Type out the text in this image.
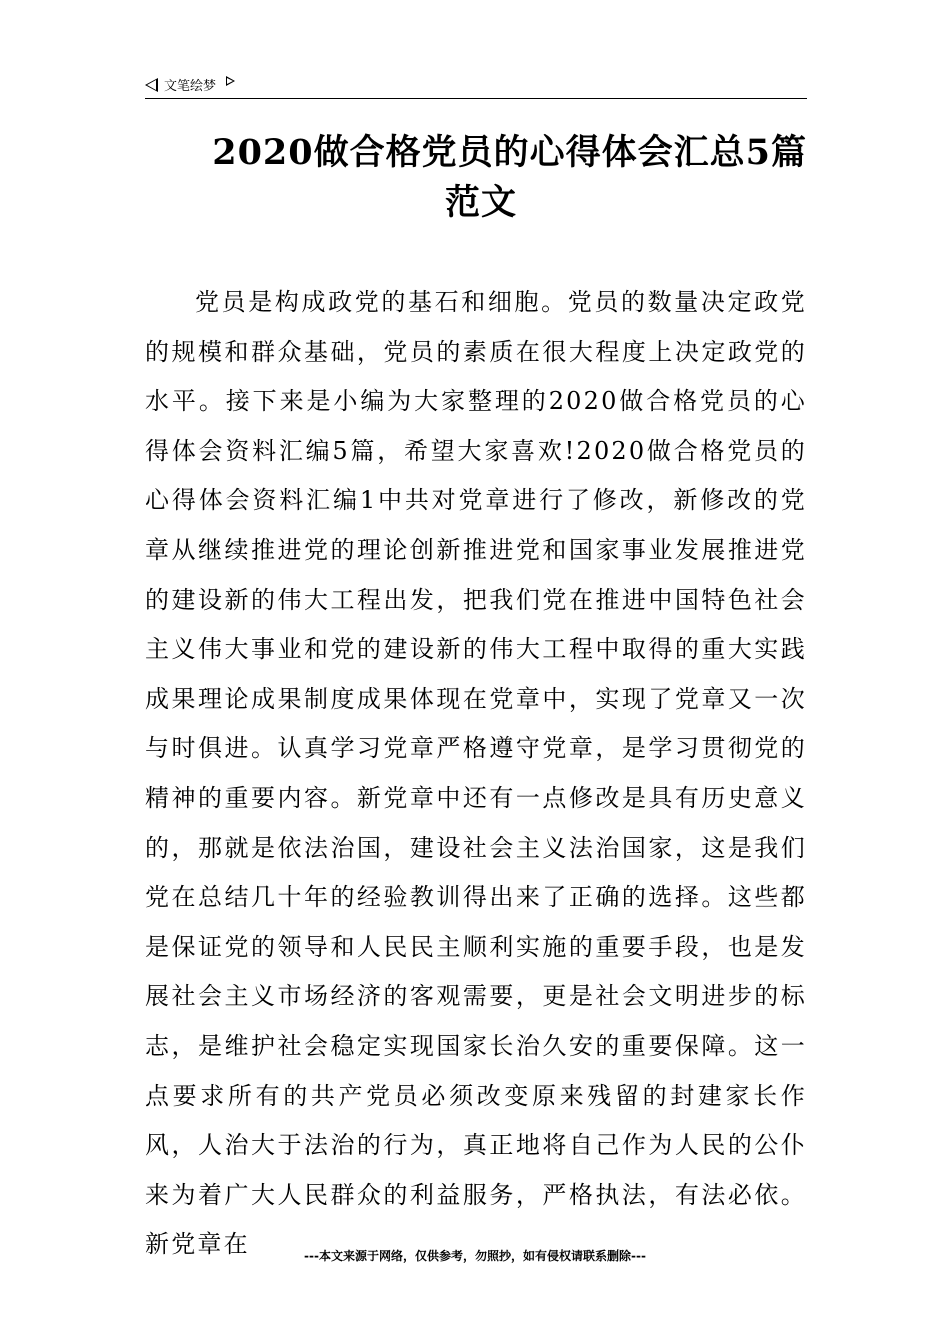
文笔绘梦
2020做合格党员的心得体会汇总5篇
范文
党员是构成政党的基石和细胞。党员的数量决定政党的规模和群众基础，党员的素质在很大程度上决定政党的水平。接下来是小编为大家整理的2020做合格党员的心得体会资料汇编5篇，希望大家喜欢!2020做合格党员的心得体会资料汇编1中共对党章进行了修改，新修改的党章从继续推进党的理论创新推进党和国家事业发展推进党的建设新的伟大工程出发，把我们党在推进中国特色社会主义伟大事业和党的建设新的伟大工程中取得的重大实践成果理论成果制度成果体现在党章中，实现了党章又一次与时俱进。认真学习党章严格遵守党章，是学习贯彻党的精神的重要内容。新党章中还有一点修改是具有历史意义的，那就是依法治国，建设社会主义法治国家，这是我们党在总结几十年的经验教训得出来了正确的选择。这些都是保证党的领导和人民民主顺利实施的重要手段，也是发展社会主义市场经济的客观需要，更是社会文明进步的标志，是维护社会稳定实现国家长治久安的重要保障。这一点要求所有的共产党员必须改变原来残留的封建家长作风，人治大于法治的行为，真正地将自己作为人民的公仆来为着广大人民群众的利益服务，严格执法，有法必依。新党章在	---本文来源于网络，仅供参考，勿照抄，如有侵权请联系删除---
